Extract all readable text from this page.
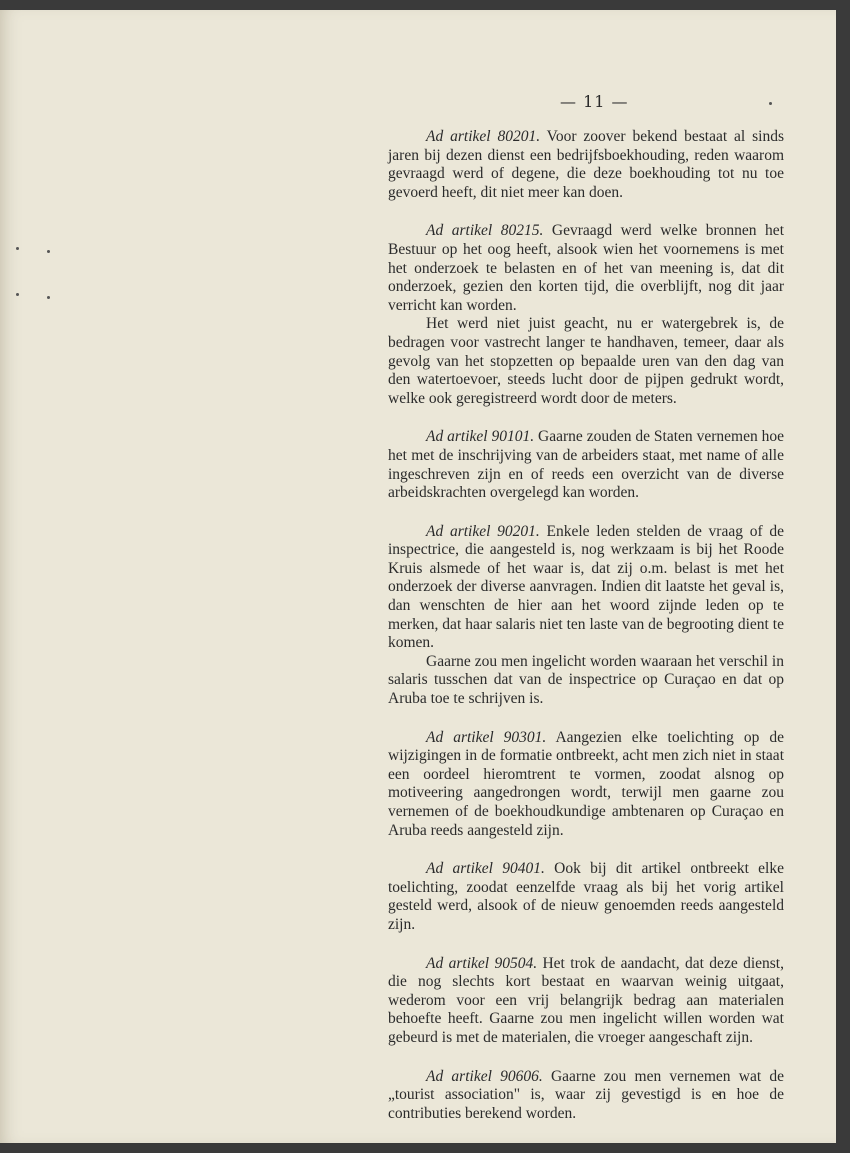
— 11 —

Ad artikel 80201. Voor zoover bekend bestaat al sinds jaren bij dezen dienst een bedrijfsboekhouding, reden waarom gevraagd werd of degene, die deze boekhouding tot nu toe gevoerd heeft, dit niet meer kan doen.

Ad artikel 80215. Gevraagd werd welke bronnen het Bestuur op het oog heeft, alsook wien het voornemens is met het onderzoek te belasten en of het van meening is, dat dit onderzoek, gezien den korten tijd, die overblijft, nog dit jaar verricht kan worden.

Het werd niet juist geacht, nu er watergebrek is, de bedragen voor vastrecht langer te handhaven, temeer, daar als gevolg van het stopzetten op bepaalde uren van den dag van den watertoevoer, steeds lucht door de pijpen gedrukt wordt, welke ook geregistreerd wordt door de meters.

Ad artikel 90101. Gaarne zouden de Staten vernemen hoe het met de inschrijving van de arbeiders staat, met name of alle ingeschreven zijn en of reeds een overzicht van de diverse arbeidskrachten overgelegd kan worden.

Ad artikel 90201. Enkele leden stelden de vraag of de inspectrice, die aangesteld is, nog werkzaam is bij het Roode Kruis alsmede of het waar is, dat zij o.m. belast is met het onderzoek der diverse aanvragen. Indien dit laatste het geval is, dan wenschten de hier aan het woord zijnde leden op te merken, dat haar salaris niet ten laste van de begrooting dient te komen.

Gaarne zou men ingelicht worden waaraan het verschil in salaris tusschen dat van de inspectrice op Curaçao en dat op Aruba toe te schrijven is.

Ad artikel 90301. Aangezien elke toelichting op de wijzigingen in de formatie ontbreekt, acht men zich niet in staat een oordeel hieromtrent te vormen, zoodat alsnog op motiveering aangedrongen wordt, terwijl men gaarne zou vernemen of de boekhoudkundige ambtenaren op Curaçao en Aruba reeds aangesteld zijn.

Ad artikel 90401. Ook bij dit artikel ontbreekt elke toelichting, zoodat eenzelfde vraag als bij het vorig artikel gesteld werd, alsook of de nieuw genoemden reeds aangesteld zijn.

Ad artikel 90504. Het trok de aandacht, dat deze dienst, die nog slechts kort bestaat en waarvan weinig uitgaat, wederom voor een vrij belangrijk bedrag aan materialen behoefte heeft. Gaarne zou men ingelicht willen worden wat gebeurd is met de materialen, die vroeger aangeschaft zijn.

Ad artikel 90606. Gaarne zou men vernemen wat de „tourist association" is, waar zij gevestigd is en hoe de contributies berekend worden.
